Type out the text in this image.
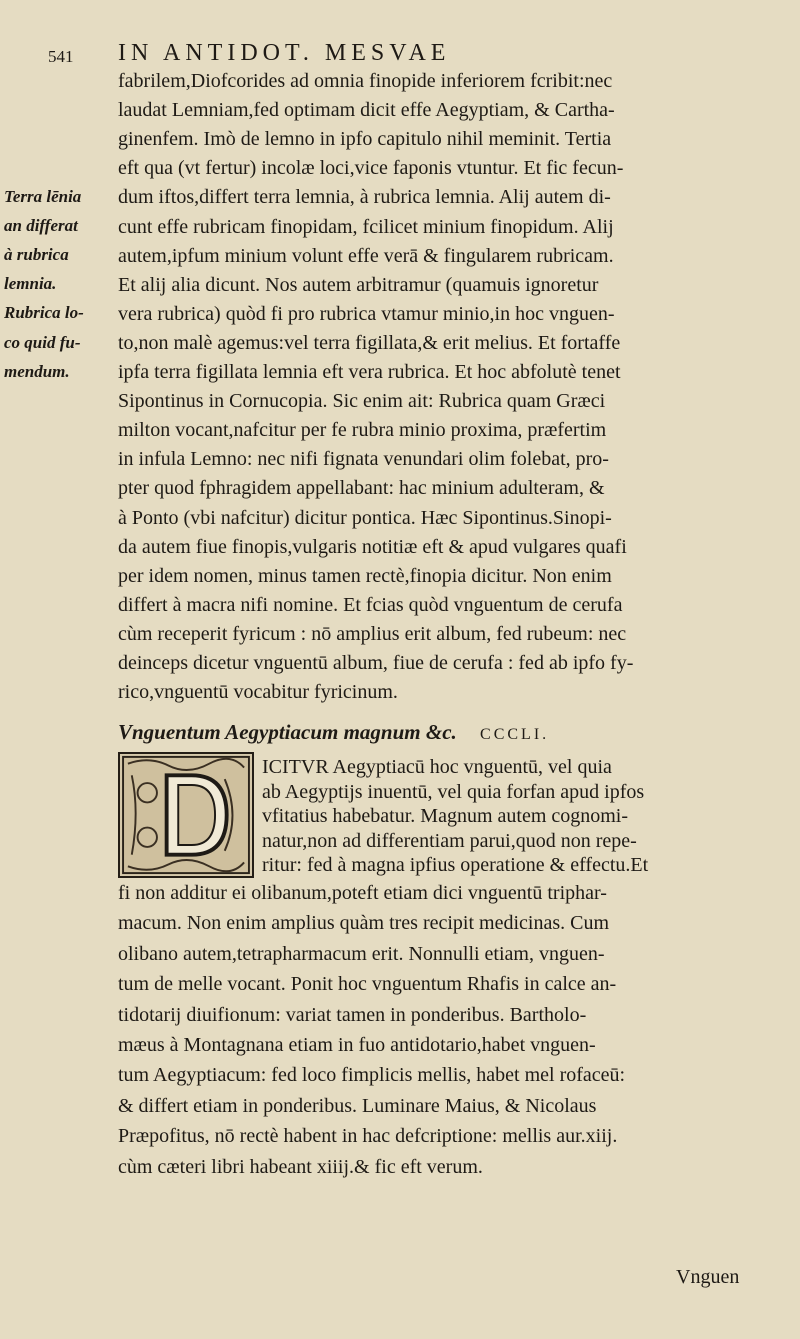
541 IN ANTIDOT. MESVAE
fabrilem,Diofcorides ad omnia finopide inferiorem fcribit:nec
laudat Lemniam,fed optimam dicit effe Aegyptiam, & Cartha-
ginenfem. Imò de lemno in ipfo capitulo nihil meminit. Tertia
eft qua (vt fertur) incolæ loci,vice faponis vtuntur. Et fic fecun-
dum iftos,differt terra lemnia, à rubrica lemnia. Alij autem di-
cunt effe rubricam finopidam, fcilicet minium finopidum. Alij
autem,ipfum minium volunt effe verā & fingularem rubricam.
Et alij alia dicunt. Nos autem arbitramur (quamuis ignoretur
vera rubrica) quòd fi pro rubrica vtamur minio,in hoc vnguen-
to,non malè agemus:vel terra figillata,& erit melius. Et fortaffe
ipfa terra figillata lemnia eft vera rubrica. Et hoc abfolutè tenet
Sipontinus in Cornucopia. Sic enim ait: Rubrica quam Græci
milton vocant,nafcitur per fe rubra minio proxima, præfertim
in infula Lemno: nec nifi fignata venundari olim folebat, pro-
pter quod fphragidem appellabant: hac minium adulteram, &
à Ponto (vbi nafcitur) dicitur pontica. Hæc Sipontinus.Sinopi-
da autem fiue finopis,vulgaris notitiæ eft & apud vulgares quafi
per idem nomen, minus tamen rectè,finopia dicitur. Non enim
differt à macra nifi nomine. Et fcias quòd vnguentum de cerufa
cùm receperit fyricum : nō amplius erit album, fed rubeum: nec
deinceps dicetur vnguentū album, fiue de cerufa : fed ab ipfo fy-
rico,vnguentū vocabitur fyricinum.
Terra lēnia
an differat
à rubrica
lemnia.
Rubrica lo-
co quid fu-
mendum.
Vnguentum Aegyptiacum magnum &c. CCCLI.
ICITVR Aegyptiacū hoc vnguentū, vel quia
ab Aegyptijs inuentū, vel quia forfan apud ipfos
vfitatius habebatur. Magnum autem cognomi-
natur,non ad differentiam parui,quod non repe-
ritur: fed à magna ipfius operatione & effectu.Et
fi non additur ei olibanum,poteft etiam dici vnguentū triphar-
macum. Non enim amplius quàm tres recipit medicinas. Cum
olibano autem,tetrapharmacum erit. Nonnulli etiam, vnguen-
tum de melle vocant. Ponit hoc vnguentum Rhafis in calce an-
tidotarij diuifionum: variat tamen in ponderibus. Bartholo-
mæus à Montagnana etiam in fuo antidotario,habet vnguen-
tum Aegyptiacum: fed loco fimplicis mellis, habet mel rofaceū:
& differt etiam in ponderibus. Luminare Maius, & Nicolaus
Præpofitus, nō rectè habent in hac defcriptione: mellis aur.xiij.
cùm cæteri libri habeant xiiij.& fic eft verum.
Vnguen
